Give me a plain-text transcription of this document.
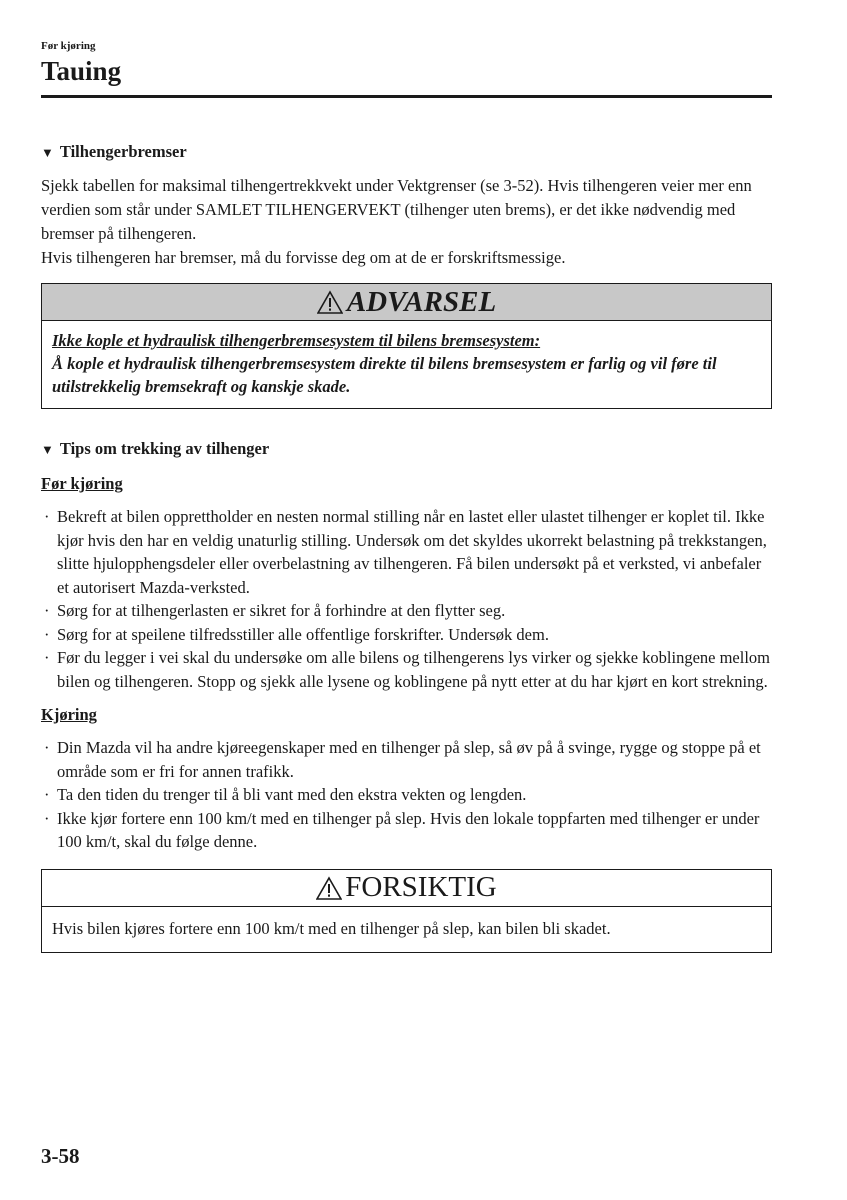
Før kjøring
Tauing
▼ Tilhengerbremser

Sjekk tabellen for maksimal tilhengertrekkvekt under Vektgrenser (se 3-52). Hvis tilhengeren veier mer enn verdien som står under SAMLET TILHENGERVEKT (tilhenger uten brems), er det ikke nødvendig med bremser på tilhengeren.

Hvis tilhengeren har bremser, må du forvisse deg om at de er forskriftsmessige.

ADVARSEL
Ikke kople et hydraulisk tilhengerbremsesystem til bilens bremsesystem:
Å kople et hydraulisk tilhengerbremsesystem direkte til bilens bremsesystem er farlig og vil føre til utilstrekkelig bremsekraft og kanskje skade.
▼ Tips om trekking av tilhenger

Før kjøring

· Bekreft at bilen opprettholder en nesten normal stilling når en lastet eller ulastet tilhenger er koplet til. Ikke kjør hvis den har en veldig unaturlig stilling. Undersøk om det skyldes ukorrekt belastning på trekkstangen, slitte hjulopphengsdeler eller overbelastning av tilhengeren. Få bilen undersøkt på et verksted, vi anbefaler et autorisert Mazda-verksted.
· Sørg for at tilhengerlasten er sikret for å forhindre at den flytter seg.
· Sørg for at speilene tilfredsstiller alle offentlige forskrifter. Undersøk dem.
· Før du legger i vei skal du undersøke om alle bilens og tilhengerens lys virker og sjekke koblingene mellom bilen og tilhengeren. Stopp og sjekk alle lysene og koblingene på nytt etter at du har kjørt en kort strekning.

Kjøring

· Din Mazda vil ha andre kjøreegenskaper med en tilhenger på slep, så øv på å svinge, rygge og stoppe på et område som er fri for annen trafikk.
· Ta den tiden du trenger til å bli vant med den ekstra vekten og lengden.
· Ikke kjør fortere enn 100 km/t med en tilhenger på slep. Hvis den lokale toppfarten med tilhenger er under 100 km/t, skal du følge denne.
FORSIKTIG
Hvis bilen kjøres fortere enn 100 km/t med en tilhenger på slep, kan bilen bli skadet.
3-58
